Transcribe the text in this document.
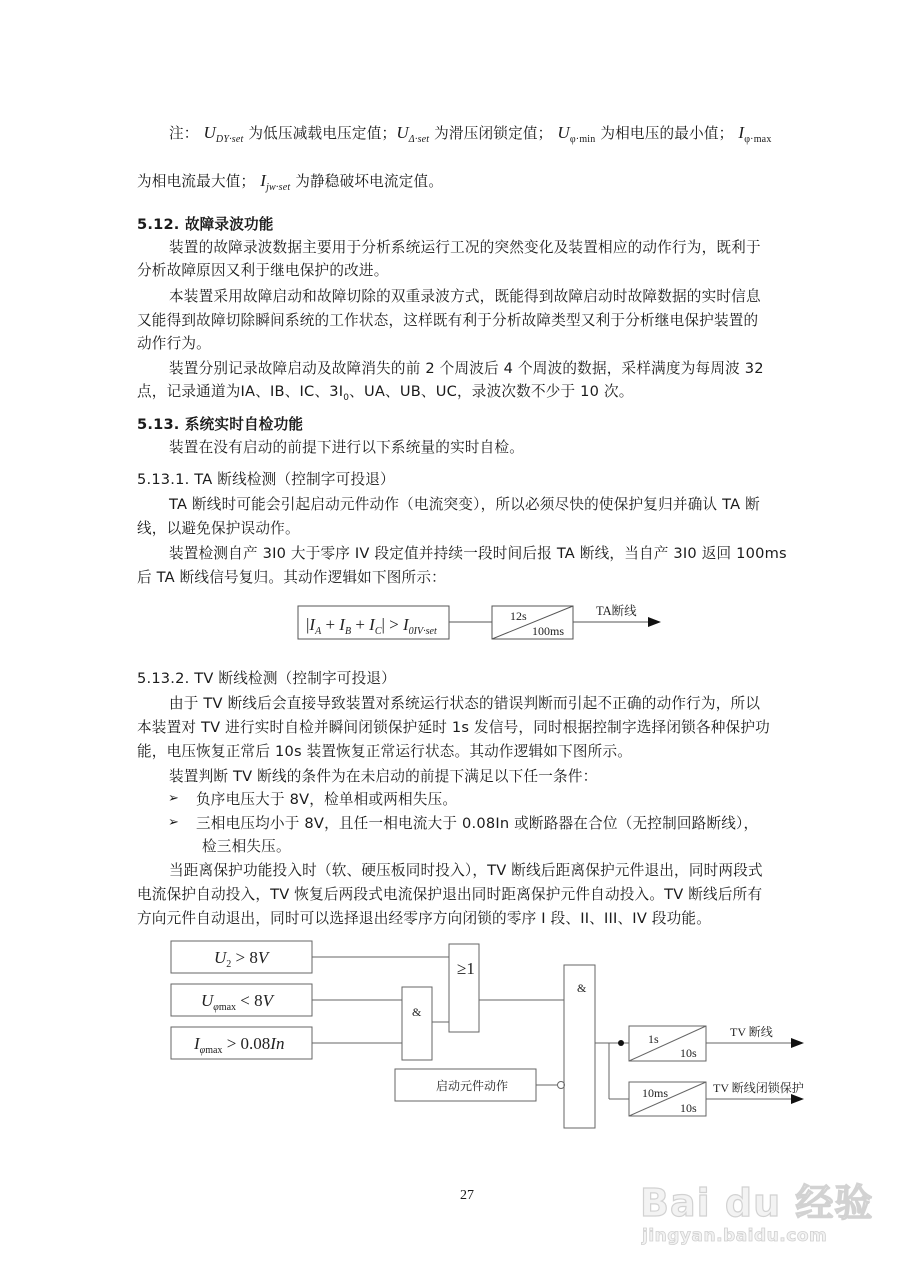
注： $U_{DY\cdot set}$ 为低压减载电压定值；$U_{\Delta\cdot set}$ 为滑压闭锁定值； $U_{\varphi\cdot min}$ 为相电压的最小值； $I_{\varphi\cdot max}$
为相电流最大值； $I_{jw\cdot set}$ 为静稳破坏电流定值。
5.12. 故障录波功能
装置的故障录波数据主要用于分析系统运行工况的突然变化及装置相应的动作行为，既利于
分析故障原因又利于继电保护的改进。
本装置采用故障启动和故障切除的双重录波方式，既能得到故障启动时故障数据的实时信息
又能得到故障切除瞬间系统的工作状态，这样既有利于分析故障类型又利于分析继电保护装置的
动作行为。
装置分别记录故障启动及故障消失的前 2 个周波后 4 个周波的数据，采样满度为每周波 32
点，记录通道为IA、IB、IC、$3I_0$、UA、UB、UC，录波次数不少于 10 次。
5.13. 系统实时自检功能
装置在没有启动的前提下进行以下系统量的实时自检。
5.13.1. TA 断线检测（控制字可投退）
TA 断线时可能会引起启动元件动作（电流突变），所以必须尽快的使保护复归并确认 TA 断
线，以避免保护误动作。
装置检测自产 3I0 大于零序 IV 段定值并持续一段时间后报 TA 断线，当自产 3I0 返回 100ms
后 TA 断线信号复归。其动作逻辑如下图所示：
$|I_A + I_B + I_C| > I_{0IV\cdot set}$
12s
100ms
TA断线
5.13.2. TV 断线检测（控制字可投退）
由于 TV 断线后会直接导致装置对系统运行状态的错误判断而引起不正确的动作行为，所以
本装置对 TV 进行实时自检并瞬间闭锁保护延时 1s 发信号，同时根据控制字选择闭锁各种保护功
能，电压恢复正常后 10s 装置恢复正常运行状态。其动作逻辑如下图所示。
装置判断 TV 断线的条件为在未启动的前提下满足以下任一条件：
➢ 负序电压大于 8V，检单相或两相失压。
➢ 三相电压均小于 8V，且任一相电流大于 0.08In 或断路器在合位（无控制回路断线），
检三相失压。
当距离保护功能投入时（软、硬压板同时投入），TV 断线后距离保护元件退出，同时两段式
电流保护自动投入，TV 恢复后两段式电流保护退出同时距离保护元件自动投入。TV 断线后所有
方向元件自动退出，同时可以选择退出经零序方向闭锁的零序 I 段、II、III、IV 段功能。
$U_2 > 8V$
$U_\varphi\max < 8V$
$I_\varphi\max > 0.08In$
&
≥1
启动元件动作
&
1s
10s
TV 断线
10ms
10s
TV 断线闭锁保护
27	Bai du 经验
jingyan.baidu.com
